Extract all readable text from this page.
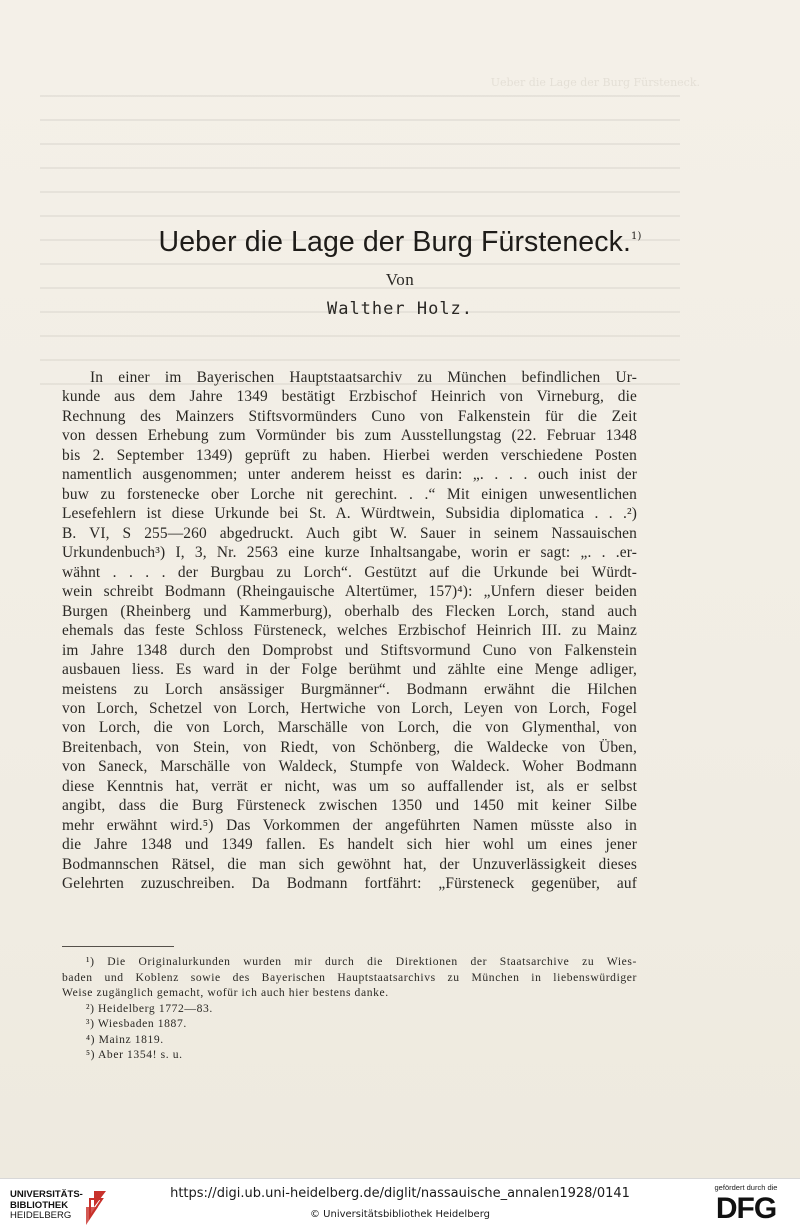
Ueber die Lage der Burg Fürsteneck.
Ueber die Lage der Burg Fürsteneck.$^{1)}$
Von
Walther Holz.
In einer im Bayerischen Hauptstaatsarchiv zu München befindlichen Ur-
kunde aus dem Jahre 1349 bestätigt Erzbischof Heinrich von Virneburg, die
Rechnung des Mainzers Stiftsvormünders Cuno von Falkenstein für die Zeit
von dessen Erhebung zum Vormünder bis zum Ausstellungstag (22. Februar 1348
bis 2. September 1349) geprüft zu haben. Hierbei werden verschiedene Posten
namentlich ausgenommen; unter anderem heisst es darin: „. . . . ouch inist der
buw zu forstenecke ober Lorche nit gerechint. . .“ Mit einigen unwesentlichen
Lesefehlern ist diese Urkunde bei St. A. Würdtwein, Subsidia diplomatica . . .²)
B. VI, S 255—260 abgedruckt. Auch gibt W. Sauer in seinem Nassauischen
Urkundenbuch³) I, 3, Nr. 2563 eine kurze Inhaltsangabe, worin er sagt: „. . .er-
wähnt . . . . der Burgbau zu Lorch“. Gestützt auf die Urkunde bei Würdt-
wein schreibt Bodmann (Rheingauische Altertümer, 157)⁴): „Unfern dieser beiden
Burgen (Rheinberg und Kammerburg), oberhalb des Flecken Lorch, stand auch
ehemals das feste Schloss Fürsteneck, welches Erzbischof Heinrich III. zu Mainz
im Jahre 1348 durch den Domprobst und Stiftsvormund Cuno von Falkenstein
ausbauen liess. Es ward in der Folge berühmt und zählte eine Menge adliger,
meistens zu Lorch ansässiger Burgmänner“. Bodmann erwähnt die Hilchen
von Lorch, Schetzel von Lorch, Hertwiche von Lorch, Leyen von Lorch, Fogel
von Lorch, die von Lorch, Marschälle von Lorch, die von Glymenthal, von
Breitenbach, von Stein, von Riedt, von Schönberg, die Waldecke von Üben,
von Saneck, Marschälle von Waldeck, Stumpfe von Waldeck. Woher Bodmann
diese Kenntnis hat, verrät er nicht, was um so auffallender ist, als er selbst
angibt, dass die Burg Fürsteneck zwischen 1350 und 1450 mit keiner Silbe
mehr erwähnt wird.⁵) Das Vorkommen der angeführten Namen müsste also in
die Jahre 1348 und 1349 fallen. Es handelt sich hier wohl um eines jener
Bodmannschen Rätsel, die man sich gewöhnt hat, der Unzuverlässigkeit dieses
Gelehrten zuzuschreiben. Da Bodmann fortfährt: „Fürsteneck gegenüber, auf
¹) Die Originalurkunden wurden mir durch die Direktionen der Staatsarchive zu Wies-
baden und Koblenz sowie des Bayerischen Hauptstaatsarchivs zu München in liebenswürdiger
Weise zugänglich gemacht, wofür ich auch hier bestens danke.
²) Heidelberg 1772—83.
³) Wiesbaden 1887.
⁴) Mainz 1819.
⁵) Aber 1354! s. u.
UNIVERSITÄTS-
BIBLIOTHEK
HEIDELBERG
https://digi.ub.uni-heidelberg.de/diglit/nassauische_annalen1928/0141
© Universitätsbibliothek Heidelberg
gefördert durch die
DFG
